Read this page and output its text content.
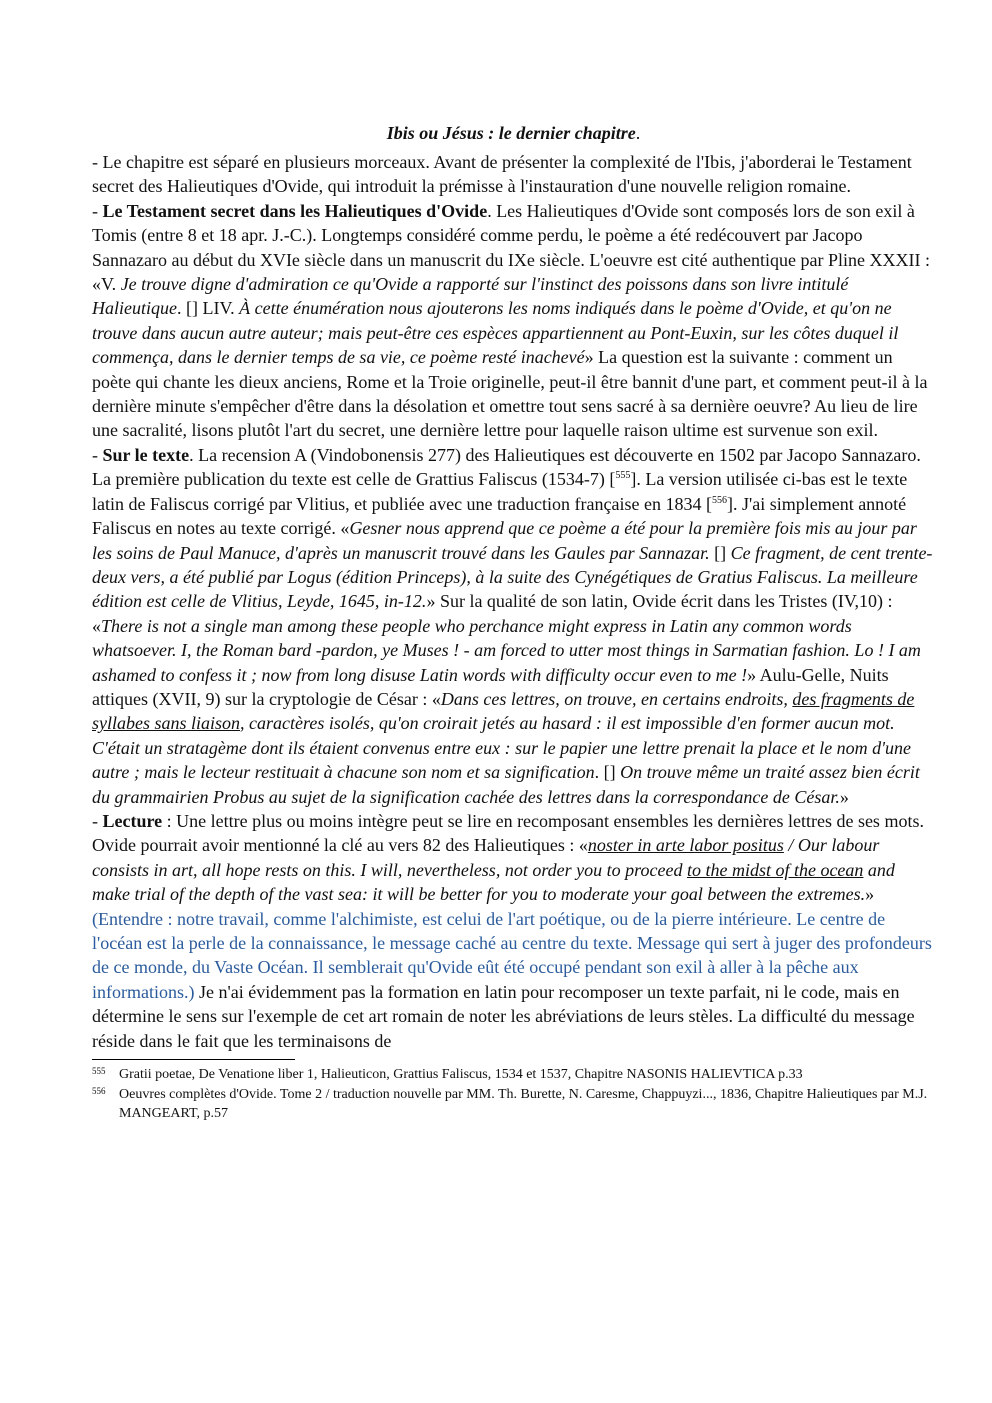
Ibis ou Jésus : le dernier chapitre.

- Le chapitre est séparé en plusieurs morceaux. Avant de présenter la complexité de l'Ibis, j'aborderai le Testament secret des Halieutiques d'Ovide, qui introduit la prémisse à l'instauration d'une nouvelle religion romaine.

- Le Testament secret dans les Halieutiques d'Ovide. Les Halieutiques d'Ovide sont composés lors de son exil à Tomis (entre 8 et 18 apr. J.-C.). Longtemps considéré comme perdu, le poème a été redécouvert par Jacopo Sannazaro au début du XVIe siècle dans un manuscrit du IXe siècle. L'oeuvre est cité authentique par Pline XXXII : «V. Je trouve digne d'admiration ce qu'Ovide a rapporté sur l'instinct des poissons dans son livre intitulé Halieutique. [] LIV. À cette énumération nous ajouterons les noms indiqués dans le poème d'Ovide, et qu'on ne trouve dans aucun autre auteur; mais peut-être ces espèces appartiennent au Pont-Euxin, sur les côtes duquel il commença, dans le dernier temps de sa vie, ce poème resté inachevé» La question est la suivante : comment un poète qui chante les dieux anciens, Rome et la Troie originelle, peut-il être bannit d'une part, et comment peut-il à la dernière minute s'empêcher d'être dans la désolation et omettre tout sens sacré à sa dernière oeuvre? Au lieu de lire une sacralité, lisons plutôt l'art du secret, une dernière lettre pour laquelle raison ultime est survenue son exil.

- Sur le texte. La recension A (Vindobonensis 277) des Halieutiques est découverte en 1502 par Jacopo Sannazaro. La première publication du texte est celle de Grattius Faliscus (1534-7) [$^{555}$]. La version utilisée ci-bas est le texte latin de Faliscus corrigé par Vlitius, et publiée avec une traduction française en 1834 [$^{556}$]. J'ai simplement annoté Faliscus en notes au texte corrigé. «Gesner nous apprend que ce poème a été pour la première fois mis au jour par les soins de Paul Manuce, d'après un manuscrit trouvé dans les Gaules par Sannazar. [] Ce fragment, de cent trente-deux vers, a été publié par Logus (édition Princeps), à la suite des Cynégétiques de Gratius Faliscus. La meilleure édition est celle de Vlitius, Leyde, 1645, in-12.» Sur la qualité de son latin, Ovide écrit dans les Tristes (IV,10) : «There is not a single man among these people who perchance might express in Latin any common words whatsoever. I, the Roman bard -pardon, ye Muses ! - am forced to utter most things in Sarmatian fashion. Lo ! I am ashamed to confess it ; now from long disuse Latin words with difficulty occur even to me !» Aulu-Gelle, Nuits attiques (XVII, 9) sur la cryptologie de César : «Dans ces lettres, on trouve, en certains endroits, des fragments de syllabes sans liaison, caractères isolés, qu'on croirait jetés au hasard : il est impossible d'en former aucun mot. C'était un stratagème dont ils étaient convenus entre eux : sur le papier une lettre prenait la place et le nom d'une autre ; mais le lecteur restituait à chacune son nom et sa signification. [] On trouve même un traité assez bien écrit du grammairien Probus au sujet de la signification cachée des lettres dans la correspondance de César.»

- Lecture : Une lettre plus ou moins intègre peut se lire en recomposant ensembles les dernières lettres de ses mots. Ovide pourrait avoir mentionné la clé au vers 82 des Halieutiques : «noster in arte labor positus / Our labour consists in art, all hope rests on this. I will, nevertheless, not order you to proceed to the midst of the ocean and make trial of the depth of the vast sea: it will be better for you to moderate your goal between the extremes.» (Entendre : notre travail, comme l'alchimiste, est celui de l'art poétique, ou de la pierre intérieure. Le centre de l'océan est la perle de la connaissance, le message caché au centre du texte. Message qui sert à juger des profondeurs de ce monde, du Vaste Océan. Il semblerait qu'Ovide eût été occupé pendant son exil à aller à la pêche aux informations.) Je n'ai évidemment pas la formation en latin pour recomposer un texte parfait, ni le code, mais en détermine le sens sur l'exemple de cet art romain de noter les abréviations de leurs stèles. La difficulté du message réside dans le fait que les terminaisons de

555 Gratii poetae, De Venatione liber 1, Halieuticon, Grattius Faliscus, 1534 et 1537, Chapitre NASONIS HALIEVTICA p.33
556 Oeuvres complètes d'Ovide. Tome 2 / traduction nouvelle par MM. Th. Burette, N. Caresme, Chappuyzi..., 1836, Chapitre Halieutiques par M.J. MANGEART, p.57
